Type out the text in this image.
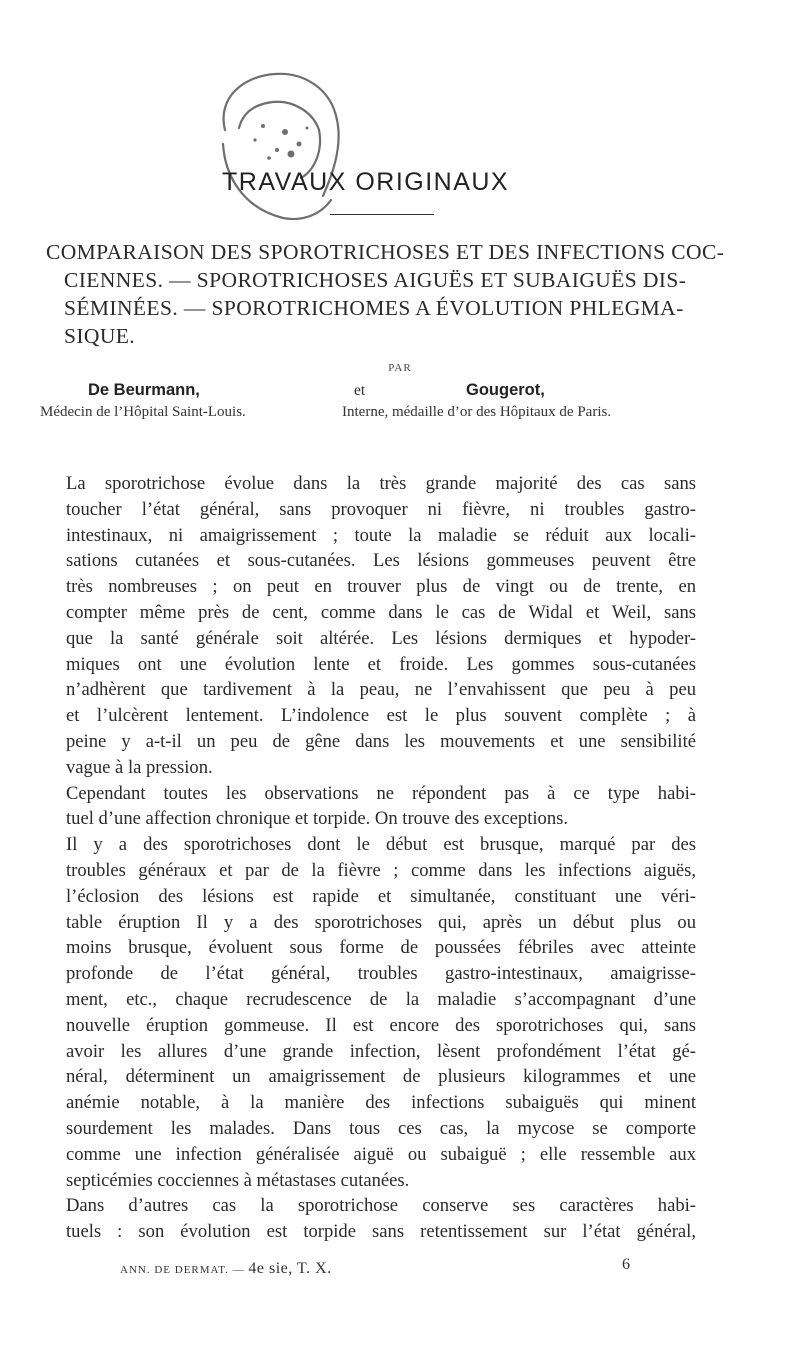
TRAVAUX ORIGINAUX
COMPARAISON DES SPOROTRICHOSES ET DES INFECTIONS COC-
CIENNES. — SPOROTRICHOSES AIGUËS ET SUBAIGUËS DIS-
SÉMINÉES. — SPOROTRICHOMES A ÉVOLUTION PHLEGMA-
SIQUE.
PAR
De Beurmann,	et	Gougerot,
Médecin de l’Hôpital Saint-Louis.	Interne, médaille d’or des Hôpitaux de Paris.
La sporotrichose évolue dans la très grande majorité des cas sans
toucher l’état général, sans provoquer ni fièvre, ni troubles gastro-
intestinaux, ni amaigrissement ; toute la maladie se réduit aux locali-
sations cutanées et sous-cutanées. Les lésions gommeuses peuvent être
très nombreuses ; on peut en trouver plus de vingt ou de trente, en
compter même près de cent, comme dans le cas de Widal et Weil, sans
que la santé générale soit altérée. Les lésions dermiques et hypoder-
miques ont une évolution lente et froide. Les gommes sous-cutanées
n’adhèrent que tardivement à la peau, ne l’envahissent que peu à peu
et l’ulcèrent lentement. L’indolence est le plus souvent complète ; à
peine y a-t-il un peu de gêne dans les mouvements et une sensibilité
vague à la pression.
Cependant toutes les observations ne répondent pas à ce type habi-
tuel d’une affection chronique et torpide. On trouve des exceptions.
Il y a des sporotrichoses dont le début est brusque, marqué par des
troubles généraux et par de la fièvre ; comme dans les infections aiguës,
l’éclosion des lésions est rapide et simultanée, constituant une véri-
table éruption Il y a des sporotrichoses qui, après un début plus ou
moins brusque, évoluent sous forme de poussées fébriles avec atteinte
profonde de l’état général, troubles gastro-intestinaux, amaigrisse-
ment, etc., chaque recrudescence de la maladie s’accompagnant d’une
nouvelle éruption gommeuse. Il est encore des sporotrichoses qui, sans
avoir les allures d’une grande infection, lèsent profondément l’état gé-
néral, déterminent un amaigrissement de plusieurs kilogrammes et une
anémie notable, à la manière des infections subaiguës qui minent
sourdement les malades. Dans tous ces cas, la mycose se comporte
comme une infection généralisée aiguë ou subaiguë ; elle ressemble aux
septicémies cocciennes à métastases cutanées.
Dans d’autres cas la sporotrichose conserve ses caractères habi-
tuels : son évolution est torpide sans retentissement sur l’état général,
ANN. DE DERMAT. — 4e sie, T. X.	6
